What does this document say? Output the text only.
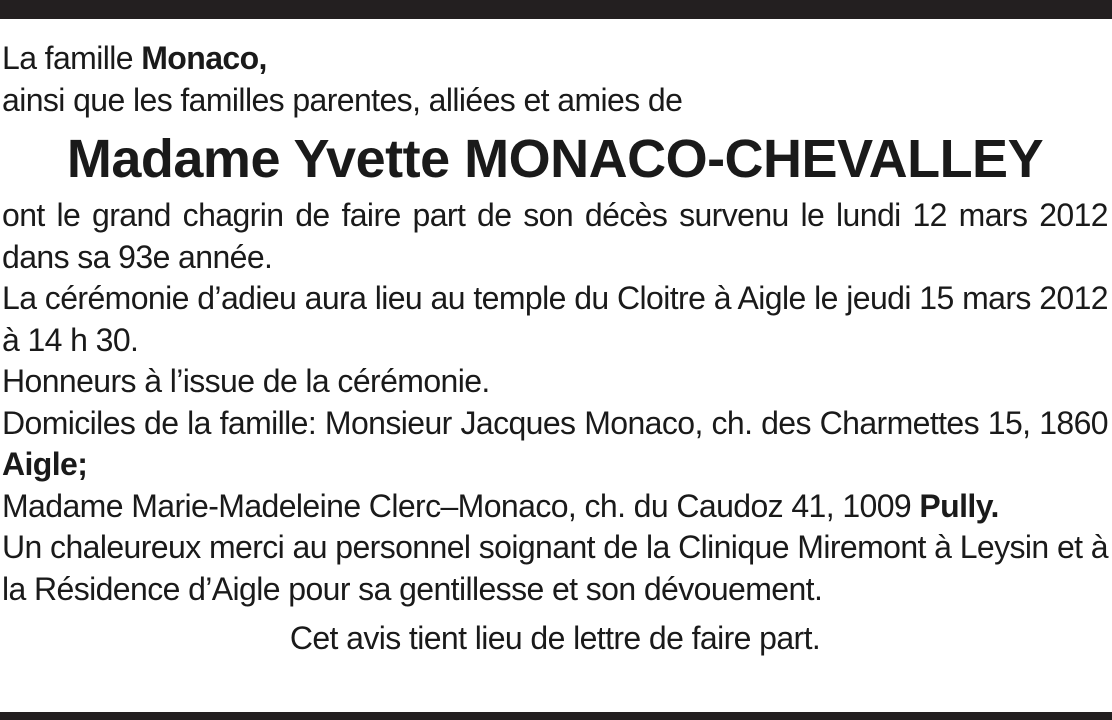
La famille Monaco,
ainsi que les familles parentes, alliées et amies de
Madame Yvette MONACO-CHEVALLEY
ont le grand chagrin de faire part de son décès survenu le lundi 12 mars 2012 dans sa 93e année.
La cérémonie d’adieu aura lieu au temple du Cloitre à Aigle le jeudi 15 mars 2012 à 14 h 30.
Honneurs à l’issue de la cérémonie.
Domiciles de la famille: Monsieur Jacques Monaco, ch. des Charmettes 15, 1860 Aigle;
Madame Marie-Madeleine Clerc–Monaco, ch. du Caudoz 41, 1009 Pully.
Un chaleureux merci au personnel soignant de la Clinique Miremont à Leysin et à la Résidence d’Aigle pour sa gentillesse et son dévouement.
Cet avis tient lieu de lettre de faire part.
